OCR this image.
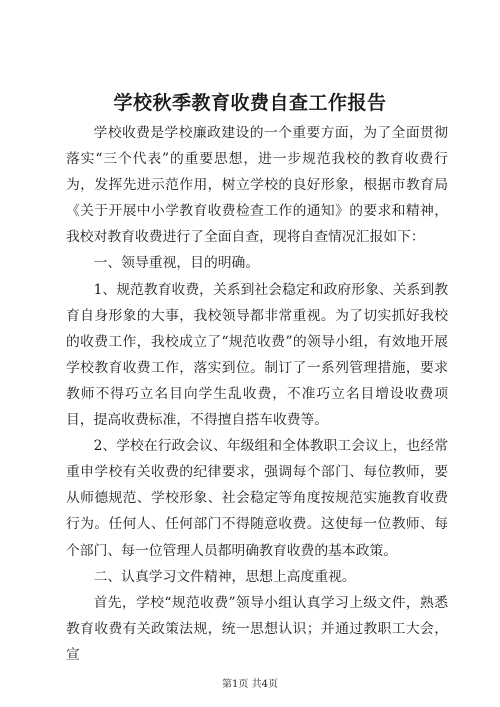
学校秋季教育收费自查工作报告

学校收费是学校廉政建设的一个重要方面，为了全面贯彻落实“三个代表”的重要思想，进一步规范我校的教育收费行为，发挥先进示范作用，树立学校的良好形象，根据市教育局《关于开展中小学教育收费检查工作的通知》的要求和精神，我校对教育收费进行了全面自查，现将自查情况汇报如下：

一、领导重视，目的明确。

1、规范教育收费，关系到社会稳定和政府形象、关系到教育自身形象的大事，我校领导都非常重视。为了切实抓好我校的收费工作，我校成立了“规范收费”的领导小组，有效地开展学校教育收费工作，落实到位。制订了一系列管理措施，要求教师不得巧立名目向学生乱收费，不准巧立名目增设收费项目，提高收费标准，不得擅自搭车收费等。

2、学校在行政会议、年级组和全体教职工会议上，也经常重申学校有关收费的纪律要求，强调每个部门、每位教师，要从师德规范、学校形象、社会稳定等角度按规范实施教育收费行为。任何人、任何部门不得随意收费。这使每一位教师、每个部门、每一位管理人员都明确教育收费的基本政策。

二、认真学习文件精神，思想上高度重视。

首先，学校“规范收费”领导小组认真学习上级文件，熟悉教育收费有关政策法规，统一思想认识；并通过教职工大会，宣

第1页 共4页
